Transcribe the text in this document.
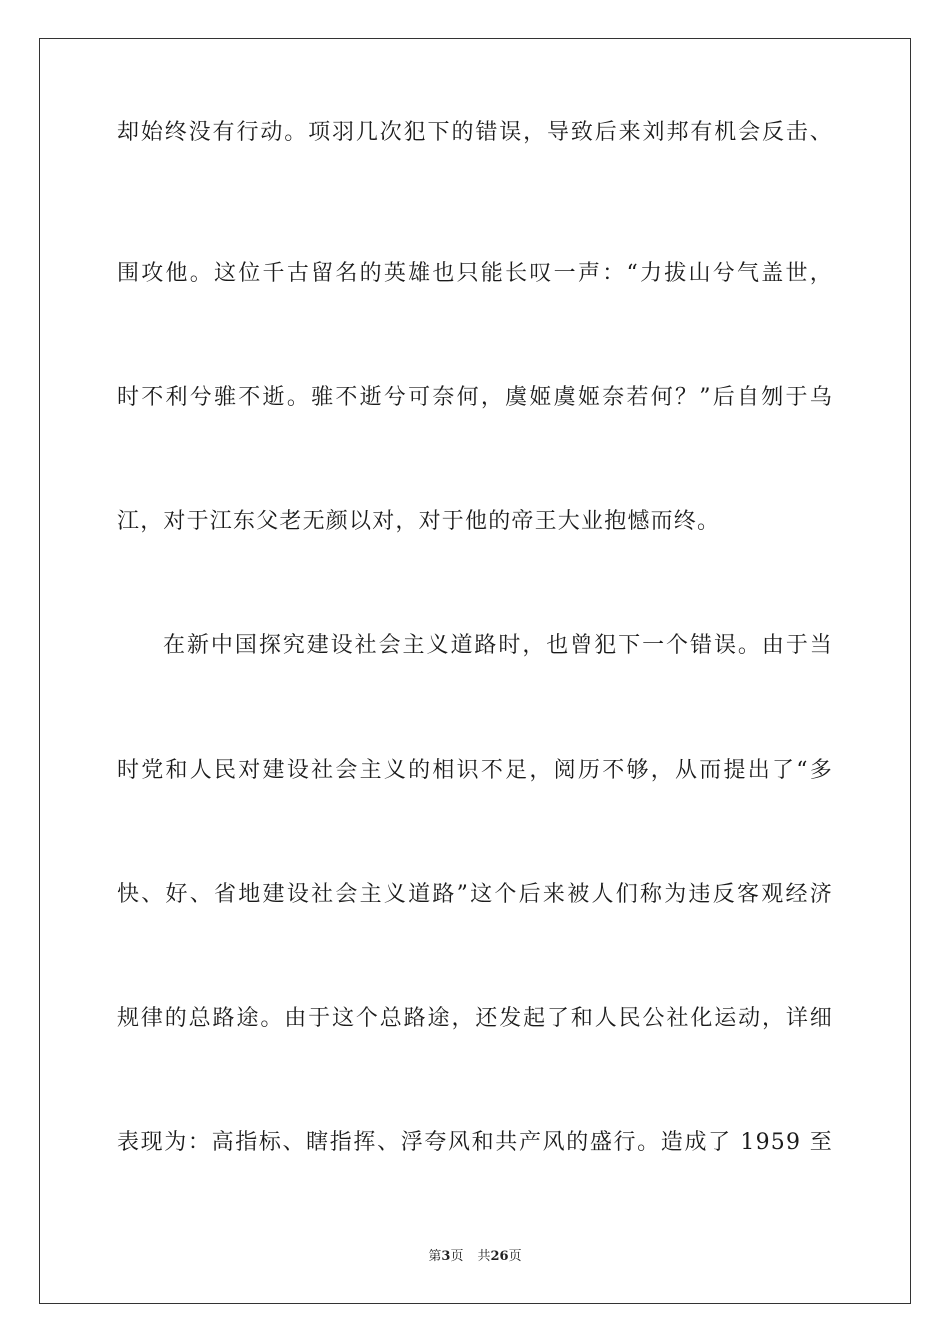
却始终没有行动。项羽几次犯下的错误，导致后来刘邦有机会反击、

围攻他。这位千古留名的英雄也只能长叹一声：“力拔山兮气盖世，

时不利兮骓不逝。骓不逝兮可奈何，虞姬虞姬奈若何？”后自刎于乌

江，对于江东父老无颜以对，对于他的帝王大业抱憾而终。

在新中国探究建设社会主义道路时，也曾犯下一个错误。由于当

时党和人民对建设社会主义的相识不足，阅历不够，从而提出了“多

快、好、省地建设社会主义道路”这个后来被人们称为违反客观经济

规律的总路途。由于这个总路途，还发起了和人民公社化运动，详细

表现为：高指标、瞎指挥、浮夸风和共产风的盛行。造成了 1959 至

第3页 共26页
